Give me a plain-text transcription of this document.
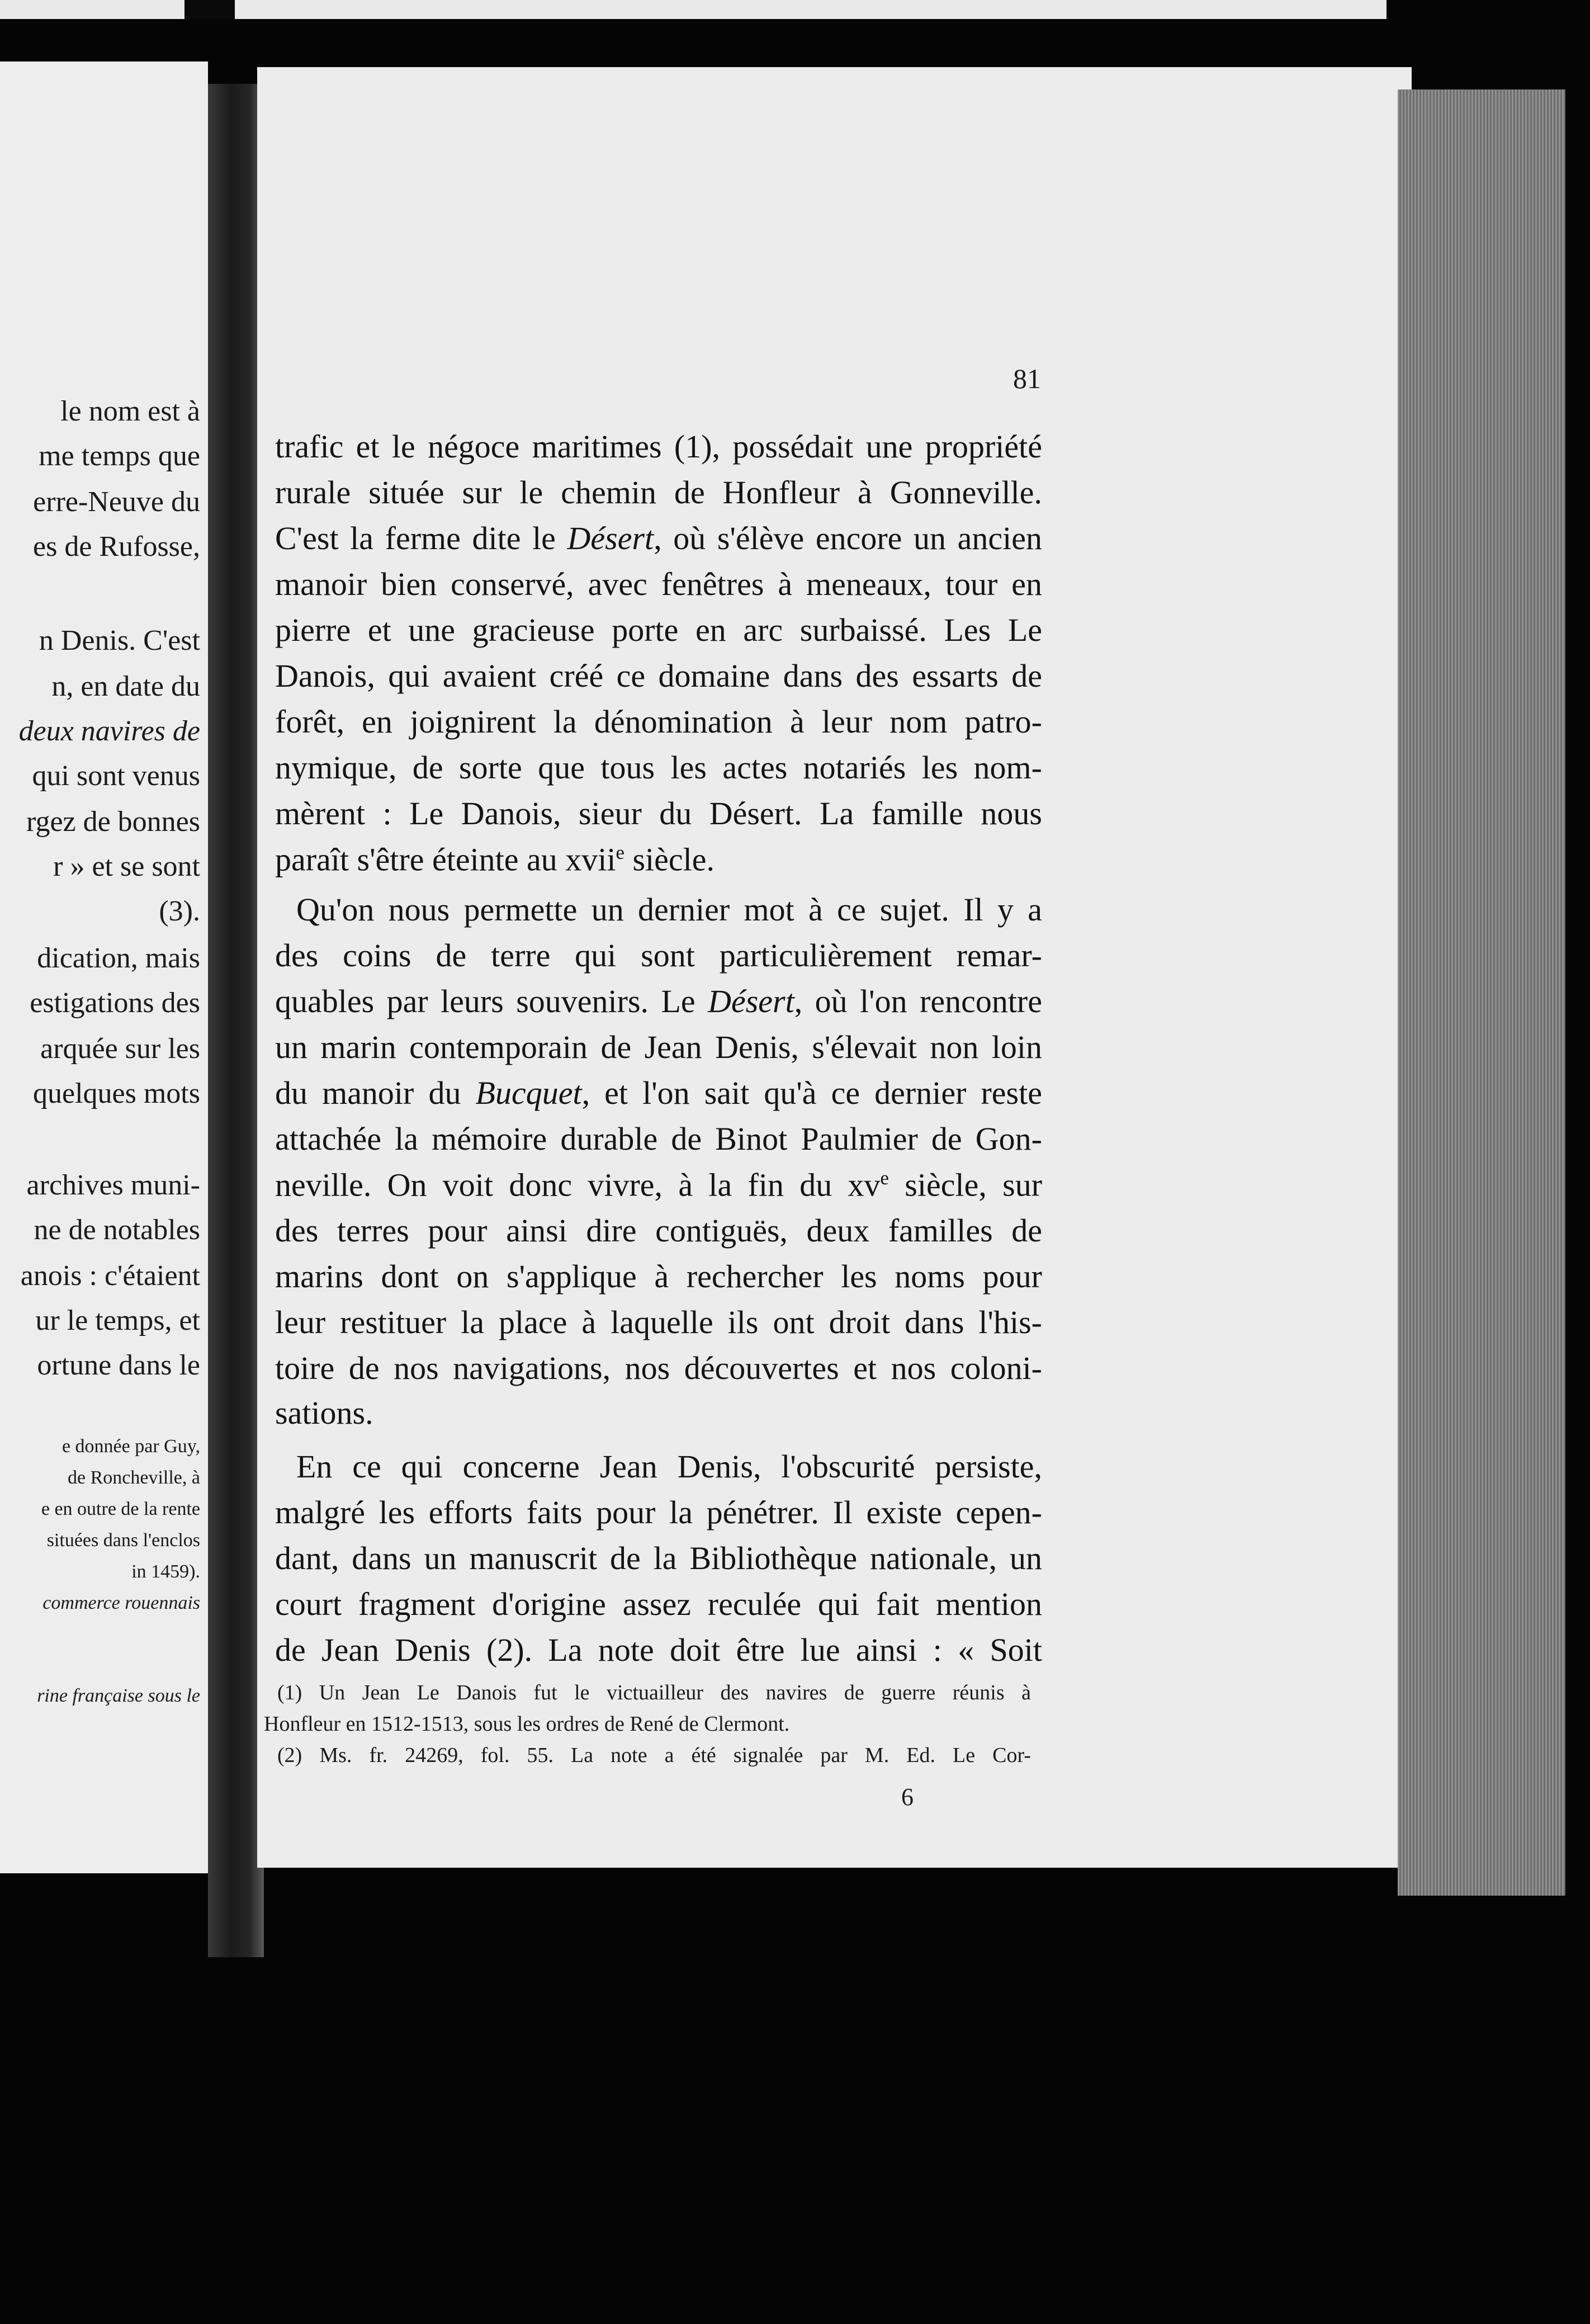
le nom est à
me temps que
erre-Neuve du
es de Rufosse,
n Denis. C'est
n, en date du
deux navires de
qui sont venus
rgez de bonnes
r » et se sont
(3).
dication, mais
estigations des
arquée sur les
quelques mots
archives muni-
ne de notables
anois : c'étaient
ur le temps, et
ortune dans le
e donnée par Guy,
de Roncheville, à
e en outre de la rente
situées dans l'enclos
in 1459).
commerce rouennais
rine française sous le
81
trafic et le négoce maritimes (1), possédait une propriété
rurale située sur le chemin de Honfleur à Gonneville.
C'est la ferme dite le Désert, où s'élève encore un ancien
manoir bien conservé, avec fenêtres à meneaux, tour en
pierre et une gracieuse porte en arc surbaissé. Les Le
Danois, qui avaient créé ce domaine dans des essarts de
forêt, en joignirent la dénomination à leur nom patro-
nymique, de sorte que tous les actes notariés les nom-
mèrent : Le Danois, sieur du Désert. La famille nous
paraît s'être éteinte au xvii$^e$ siècle.
Qu'on nous permette un dernier mot à ce sujet. Il y a
des coins de terre qui sont particulièrement remar-
quables par leurs souvenirs. Le Désert, où l'on rencontre
un marin contemporain de Jean Denis, s'élevait non loin
du manoir du Bucquet, et l'on sait qu'à ce dernier reste
attachée la mémoire durable de Binot Paulmier de Gon-
neville. On voit donc vivre, à la fin du $xv^e$ siècle, sur
des terres pour ainsi dire contiguës, deux familles de
marins dont on s'applique à rechercher les noms pour
leur restituer la place à laquelle ils ont droit dans l'his-
toire de nos navigations, nos découvertes et nos coloni-
sations.
En ce qui concerne Jean Denis, l'obscurité persiste,
malgré les efforts faits pour la pénétrer. Il existe cepen-
dant, dans un manuscrit de la Bibliothèque nationale, un
court fragment d'origine assez reculée qui fait mention
de Jean Denis (2). La note doit être lue ainsi : « Soit
(1) Un Jean Le Danois fut le victuailleur des navires de guerre réunis à
Honfleur en 1512-1513, sous les ordres de René de Clermont.
(2) Ms. fr. 24269, fol. 55. La note a été signalée par M. Ed. Le Cor-
6
